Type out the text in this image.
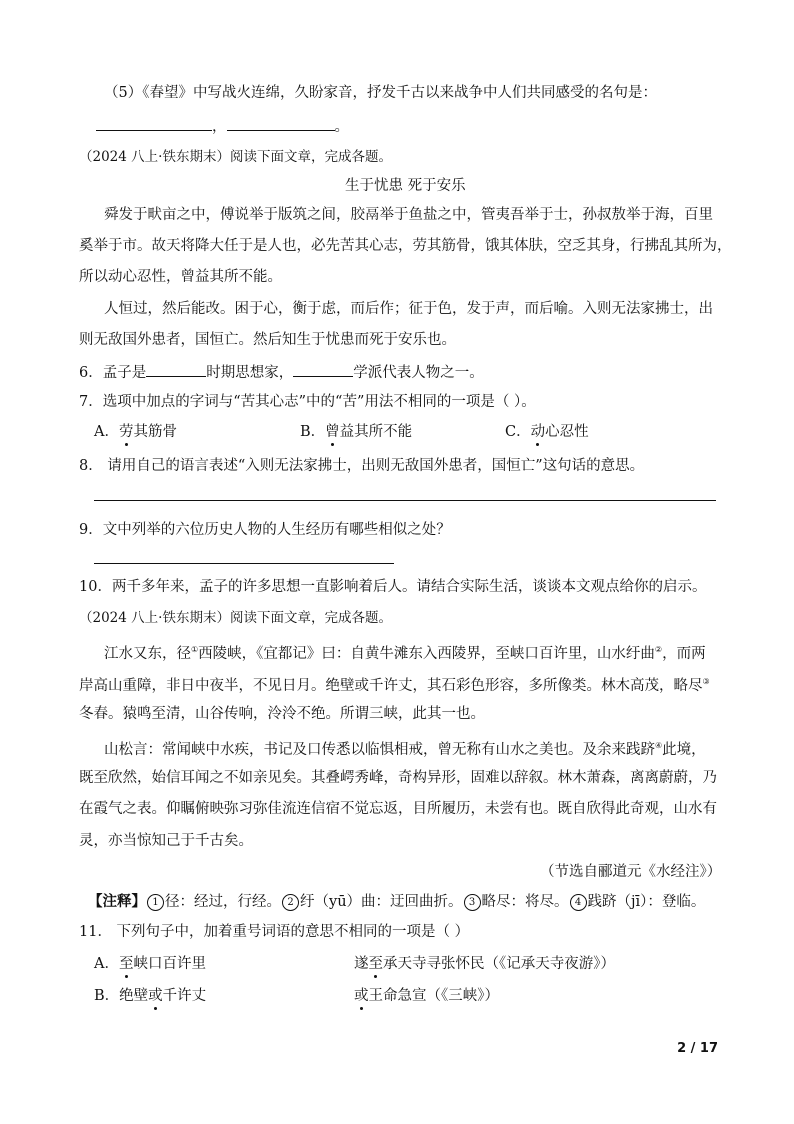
（5）《春望》中写战火连绵，久盼家音，抒发千古以来战争中人们共同感受的名句是：
，	。
（2024 八上·铁东期末）阅读下面文章，完成各题。
生于忧患 死于安乐
舜发于畎亩之中，傅说举于版筑之间，胶鬲举于鱼盐之中，管夷吾举于士，孙叔敖举于海，百里
奚举于市。故天将降大任于是人也，必先苦其心志，劳其筋骨，饿其体肤，空乏其身，行拂乱其所为，
所以动心忍性，曾益其所不能。
人恒过，然后能改。困于心，衡于虑，而后作；征于色，发于声，而后喻。入则无法家拂士，出
则无敌国外患者，国恒亡。然后知生于忧患而死于安乐也。
6．孟子是	时期思想家，	学派代表人物之一。
7．选项中加点的字词与“苦其心志”中的“苦”用法不相同的一项是（ ）。
A．劳其筋骨	B．曾益其所不能	C．动心忍性
8． 请用自己的语言表述“入则无法家拂士，出则无敌国外患者，国恒亡”这句话的意思。
9．文中列举的六位历史人物的人生经历有哪些相似之处？
10．两千多年来，孟子的许多思想一直影响着后人。请结合实际生活，谈谈本文观点给你的启示。
（2024 八上·铁东期末）阅读下面文章，完成各题。
江水又东，径①西陵峡，《宜都记》曰：自黄牛滩东入西陵界，至峡口百许里，山水纡曲②，而两
岸高山重障，非日中夜半，不见日月。绝壁或千许丈，其石彩色形容，多所像类。林木高茂，略尽③
冬春。猿鸣至清，山谷传响，泠泠不绝。所谓三峡，此其一也。
山松言：常闻峡中水疾，书记及口传悉以临惧相戒，曾无称有山水之美也。及余来践跻④此境，
既至欣然，始信耳闻之不如亲见矣。其叠崿秀峰，奇构异形，固难以辞叙。林木萧森，离离蔚蔚，乃
在霞气之表。仰瞩俯映弥习弥佳流连信宿不觉忘返，目所履历，未尝有也。既自欣得此奇观，山水有
灵，亦当惊知己于千古矣。
（节选自郦道元《水经注》）
【注释】 1 径：经过，行经。 2 纡（yū）曲：迂回曲折。 3 略尽：将尽。 4 践跻（jī）：登临。
11． 下列句子中，加着重号词语的意思不相同的一项是（ ）
A．至峡口百许里	遂至承天寺寻张怀民（《记承天寺夜游》）
B．绝壁或千许丈	或王命急宣（《三峡》）
2 / 17
